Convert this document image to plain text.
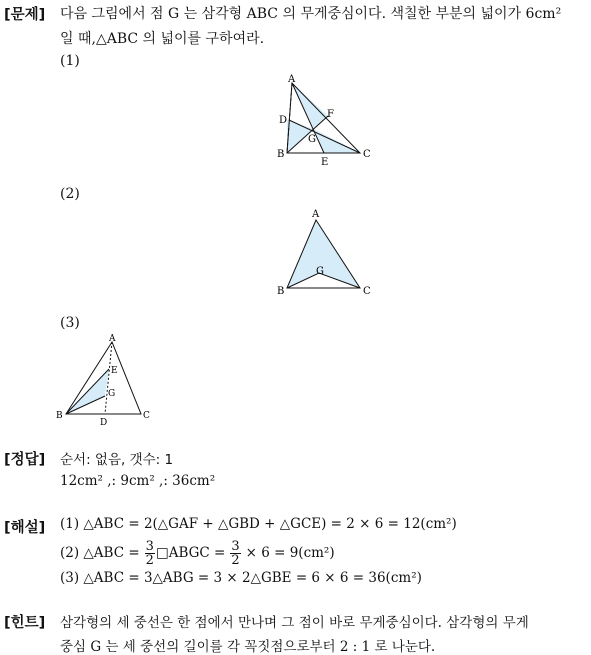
[문제] 다음 그림에서 점 G 는 삼각형 ABC 의 무게중심이다. 색칠한 부분의 넓이가 6cm²
일 때,△ABC 의 넓이를 구하여라.
(1)
A
B	C
D
E
F
G
(2)
A
B	C
G
(3)
A
B	C
D
E
G
[정답] 순서: 없음, 갯수: 1
12cm² ,: 9cm² ,: 36cm²
[해설] (1) △ABC = 2(△GAF + △GBD + △GCE) = 2 × 6 = 12(cm²)
(2) △ABC = $\frac{3}{2}$ □ABGC = $\frac{3}{2} \times 6 = 9(cm^2)$
(3) △ABC = 3△ABG = 3 × 2△GBE = 6 × 6 = 36(cm²)
[힌트] 삼각형의 세 중선은 한 점에서 만나며 그 점이 바로 무게중심이다. 삼각형의 무게
중심 G 는 세 중선의 길이를 각 꼭짓점으로부터 2 : 1 로 나눈다.
